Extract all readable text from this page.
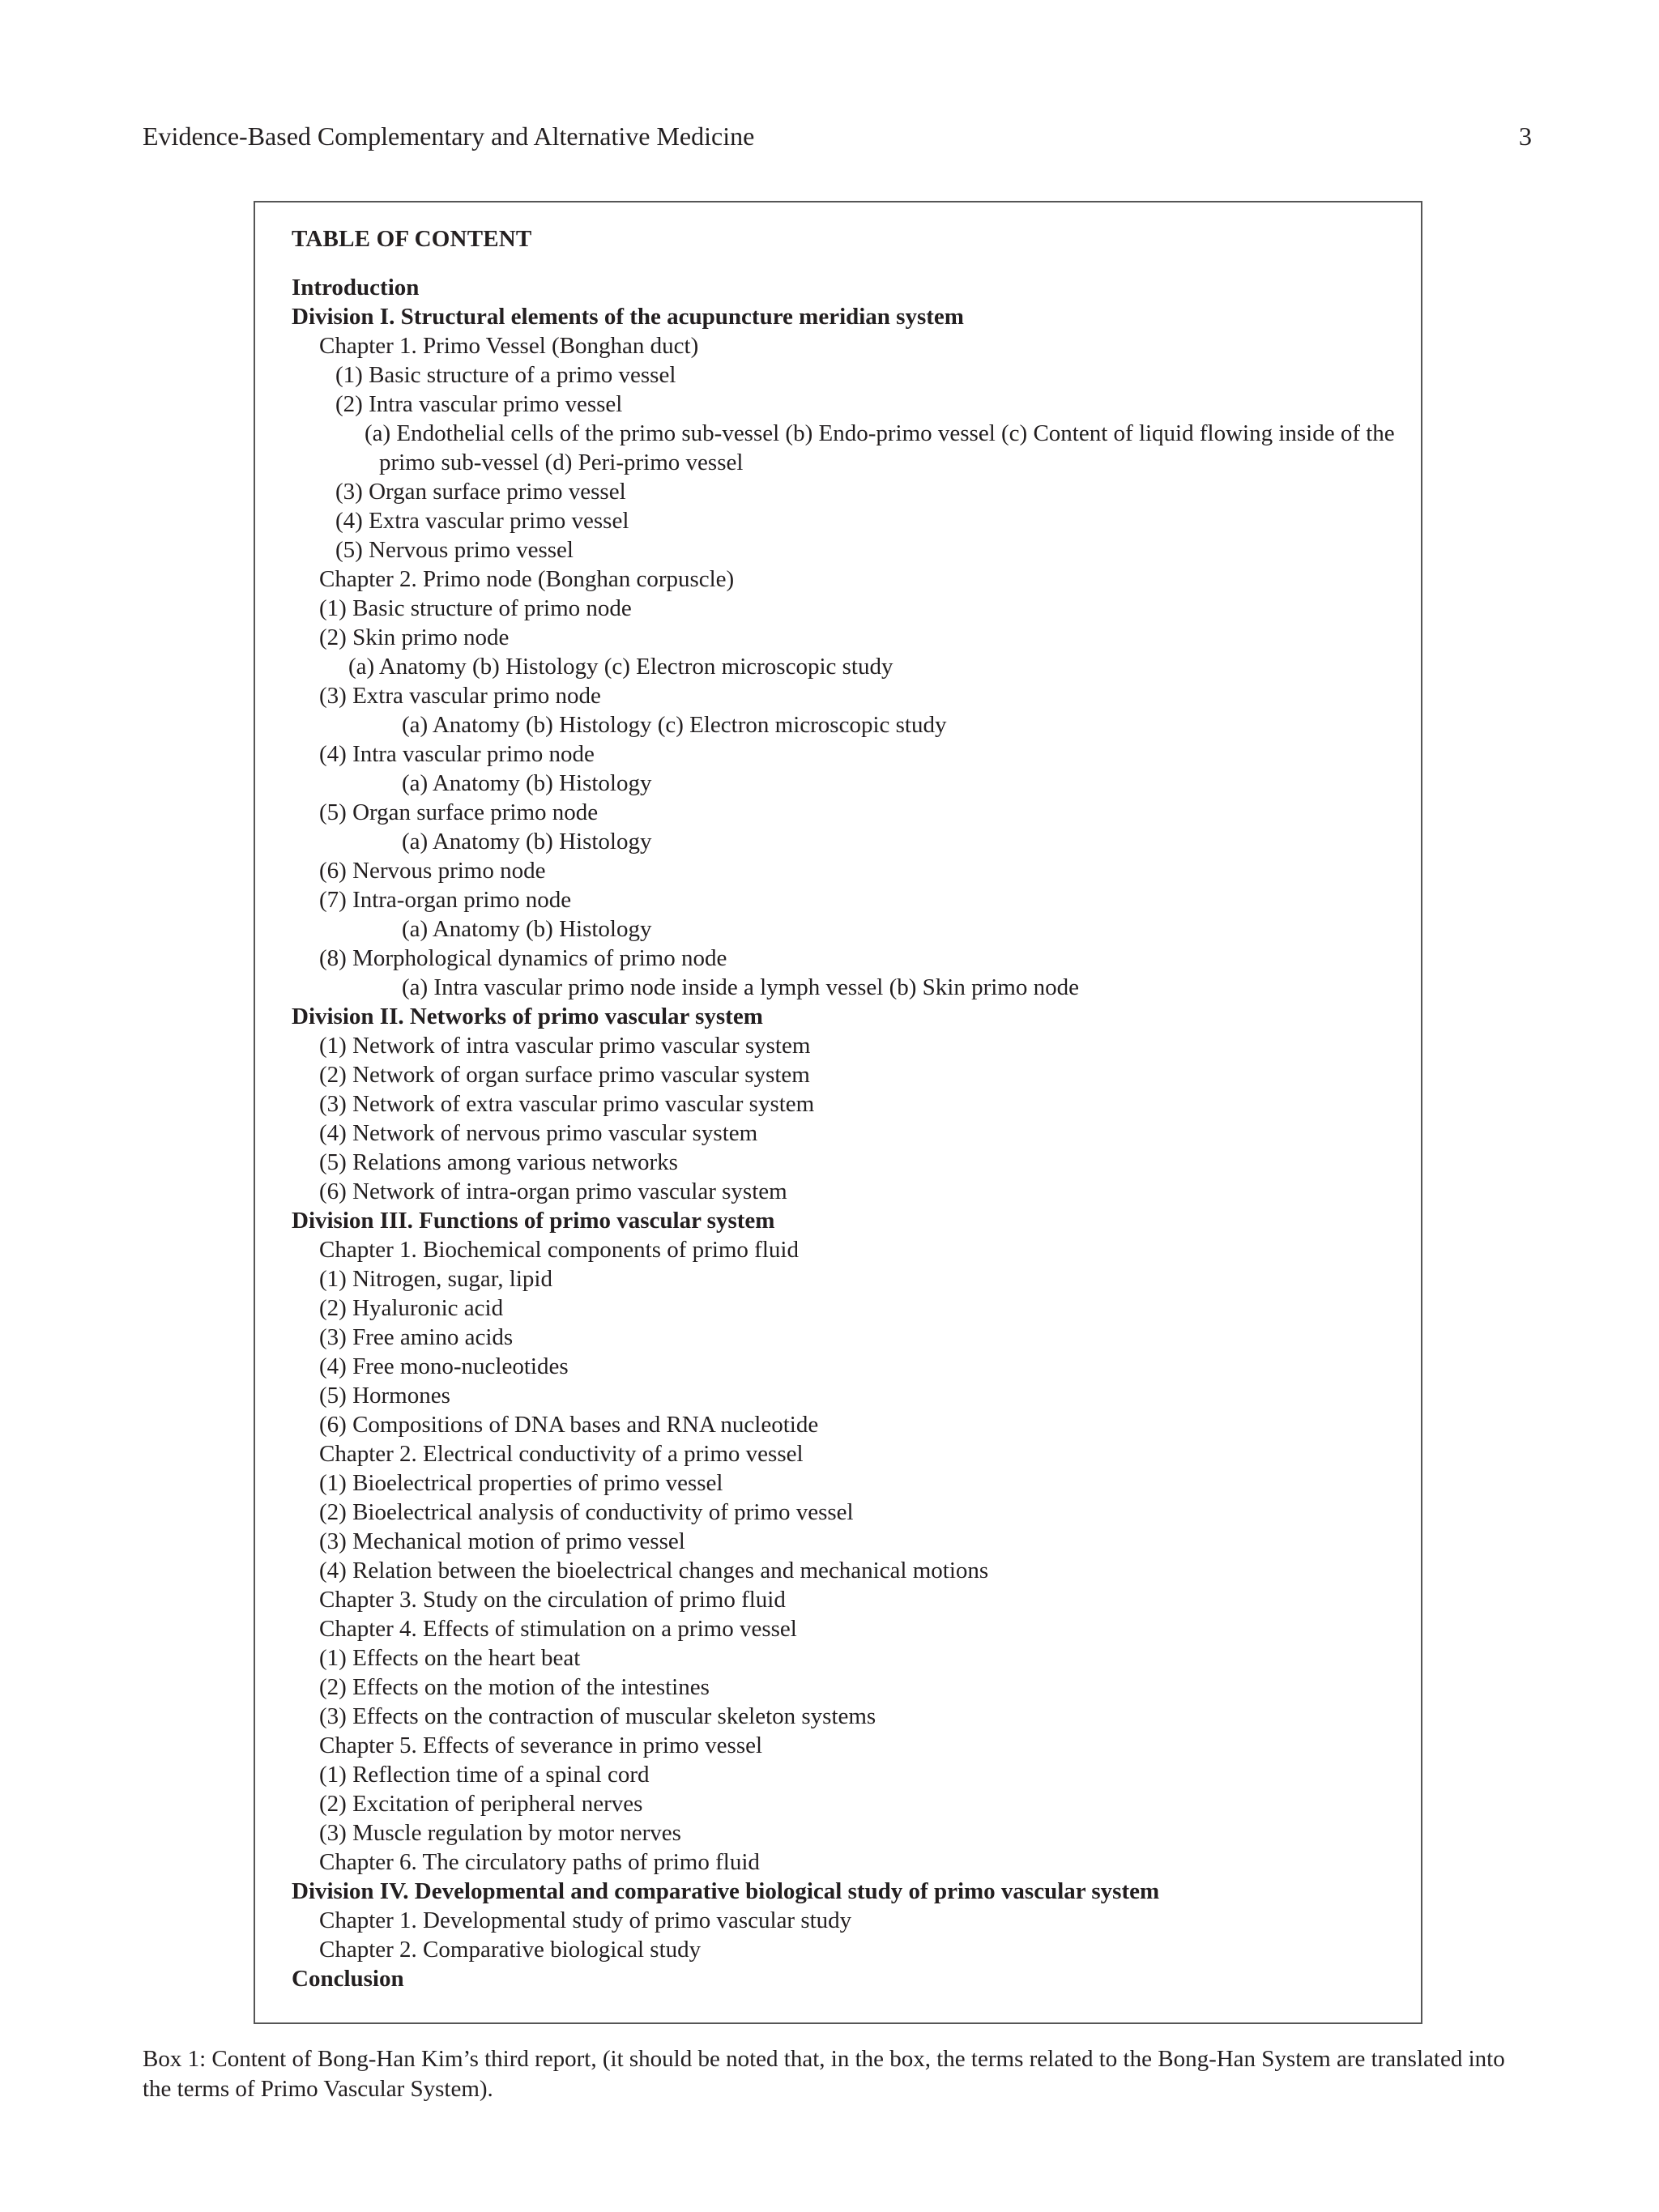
Evidence-Based Complementary and Alternative Medicine	3
TABLE OF CONTENT
Introduction
Division I. Structural elements of the acupuncture meridian system
Chapter 1. Primo Vessel (Bonghan duct)
(1) Basic structure of a primo vessel
(2) Intra vascular primo vessel
(a) Endothelial cells of the primo sub-vessel (b) Endo-primo vessel (c) Content of liquid flowing inside of the primo sub-vessel (d) Peri-primo vessel
(3) Organ surface primo vessel
(4) Extra vascular primo vessel
(5) Nervous primo vessel
Chapter 2. Primo node (Bonghan corpuscle)
(1) Basic structure of primo node
(2) Skin primo node
(a) Anatomy (b) Histology (c) Electron microscopic study
(3) Extra vascular primo node
(a) Anatomy (b) Histology (c) Electron microscopic study
(4) Intra vascular primo node
(a) Anatomy (b) Histology
(5) Organ surface primo node
(a) Anatomy (b) Histology
(6) Nervous primo node
(7) Intra-organ primo node
(a) Anatomy (b) Histology
(8) Morphological dynamics of primo node
(a) Intra vascular primo node inside a lymph vessel (b) Skin primo node
Division II. Networks of primo vascular system
(1) Network of intra vascular primo vascular system
(2) Network of organ surface primo vascular system
(3) Network of extra vascular primo vascular system
(4) Network of nervous primo vascular system
(5) Relations among various networks
(6) Network of intra-organ primo vascular system
Division III. Functions of primo vascular system
Chapter 1. Biochemical components of primo fluid
(1) Nitrogen, sugar, lipid
(2) Hyaluronic acid
(3) Free amino acids
(4) Free mono-nucleotides
(5) Hormones
(6) Compositions of DNA bases and RNA nucleotide
Chapter 2. Electrical conductivity of a primo vessel
(1) Bioelectrical properties of primo vessel
(2) Bioelectrical analysis of conductivity of primo vessel
(3) Mechanical motion of primo vessel
(4) Relation between the bioelectrical changes and mechanical motions
Chapter 3. Study on the circulation of primo fluid
Chapter 4. Effects of stimulation on a primo vessel
(1) Effects on the heart beat
(2) Effects on the motion of the intestines
(3) Effects on the contraction of muscular skeleton systems
Chapter 5. Effects of severance in primo vessel
(1) Reflection time of a spinal cord
(2) Excitation of peripheral nerves
(3) Muscle regulation by motor nerves
Chapter 6. The circulatory paths of primo fluid
Division IV. Developmental and comparative biological study of primo vascular system
Chapter 1. Developmental study of primo vascular study
Chapter 2. Comparative biological study
Conclusion
Box 1: Content of Bong-Han Kim’s third report, (it should be noted that, in the box, the terms related to the Bong-Han System are translated into the terms of Primo Vascular System).
